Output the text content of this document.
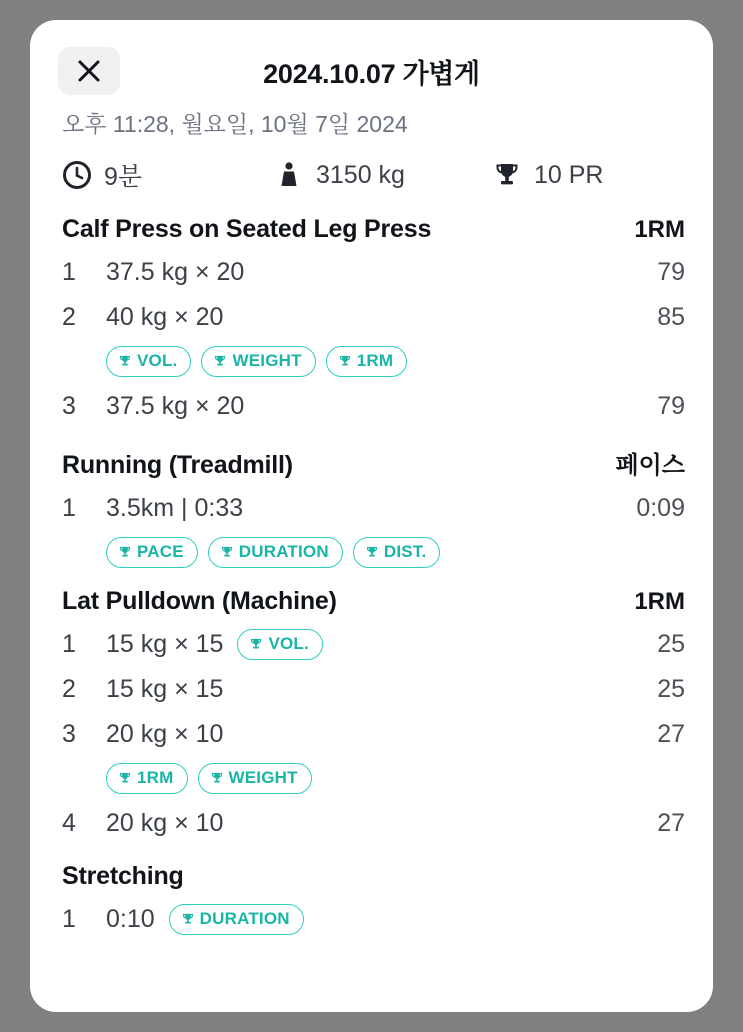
2024.10.07 가볍게
오후 11:28, 월요일, 10월 7일 2024
9분	3150 kg	10 PR
Calf Press on Seated Leg Press	1RM
1	37.5 kg × 20	79
2	40 kg × 20	85
VOL.	WEIGHT	1RM
3	37.5 kg × 20	79
Running (Treadmill)	페이스
1	3.5km | 0:33	0:09
PACE	DURATION	DIST.
Lat Pulldown (Machine)	1RM
1	15 kg × 15	VOL.	25
2	15 kg × 15	25
3	20 kg × 10	27
1RM	WEIGHT
4	20 kg × 10	27
Stretching
1	0:10	DURATION
